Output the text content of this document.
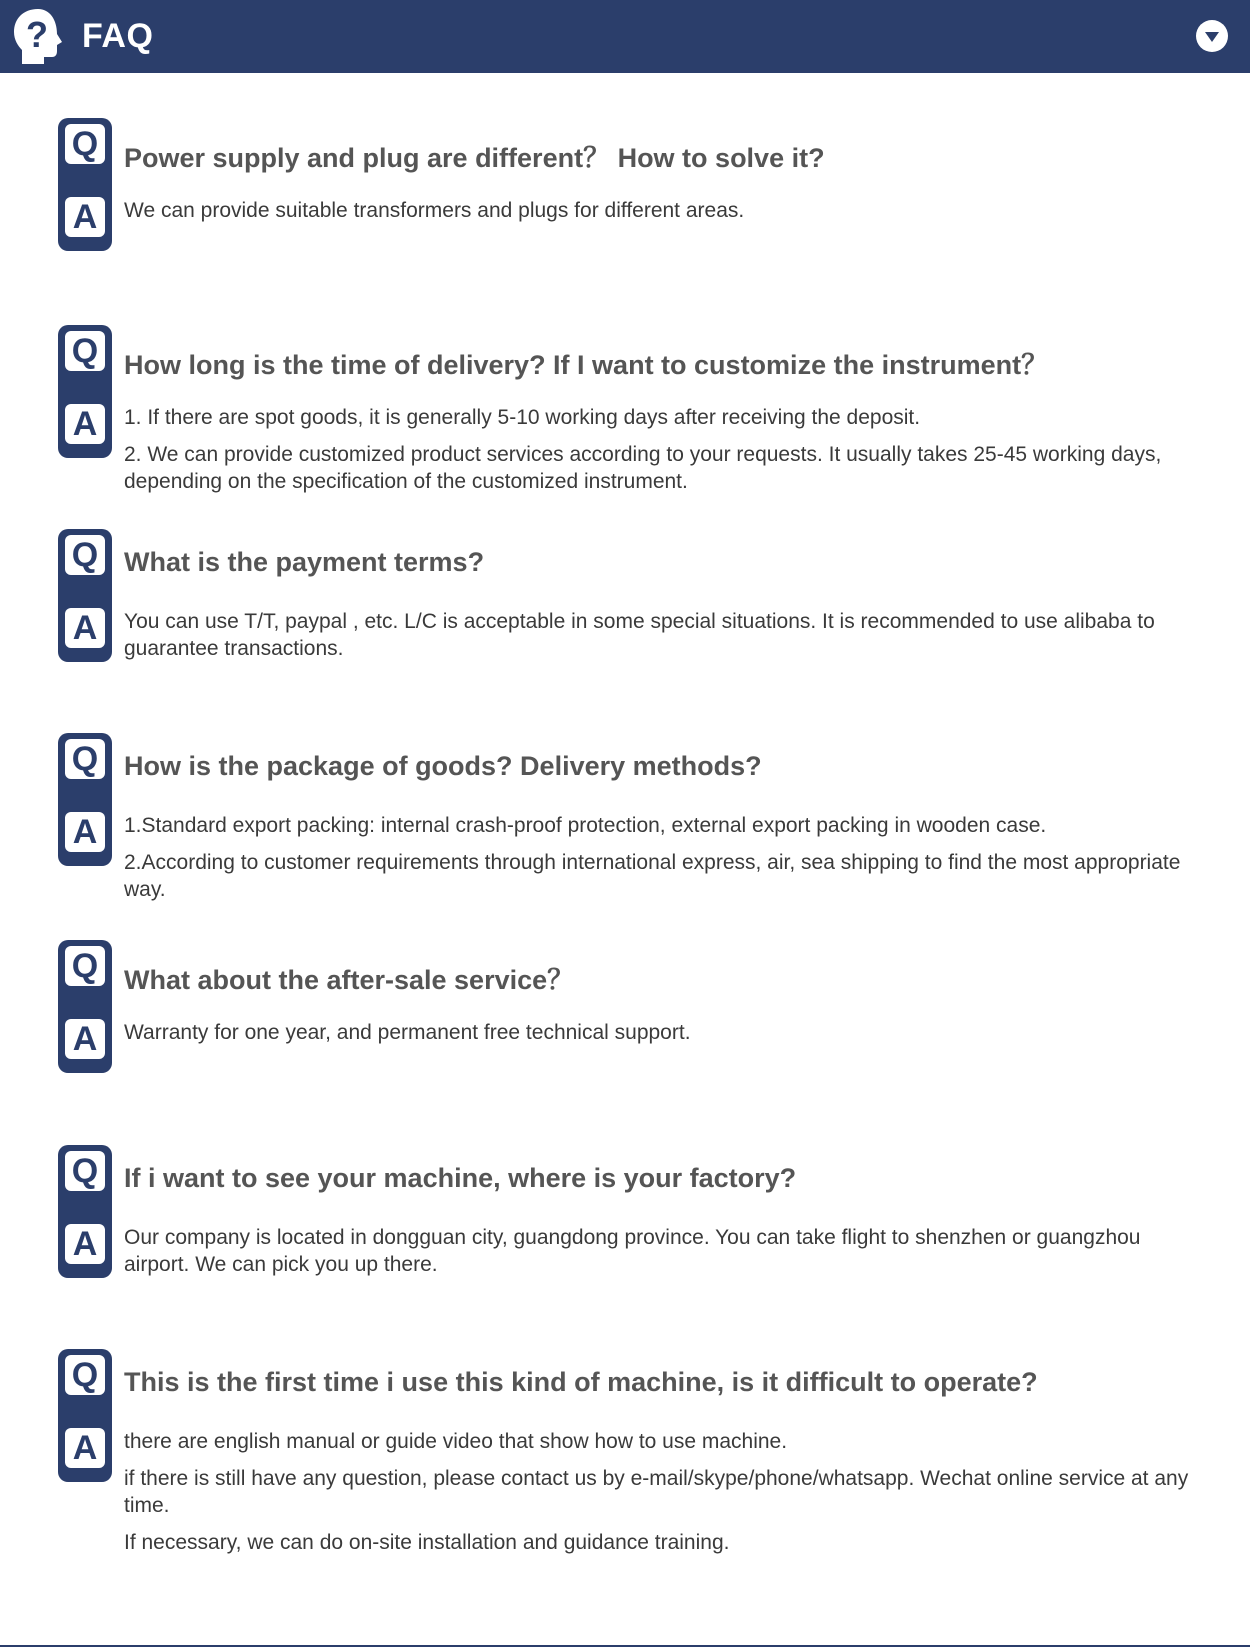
? FAQ
Q
A
Power supply and plug are different？ How to solve it?

We can provide suitable transformers and plugs for different areas.

Q
A
How long is the time of delivery? If I want to customize the instrument？

1. If there are spot goods, it is generally 5-10 working days after receiving the deposit.

2. We can provide customized product services according to your requests. It usually takes 25-45 working days, depending on the specification of the customized instrument.

Q
A
What is the payment terms?

You can use T/T, paypal , etc. L/C is acceptable in some special situations. It is recommended to use alibaba to guarantee transactions.

Q
A
How is the package of goods? Delivery methods?

1.Standard export packing: internal crash-proof protection, external export packing in wooden case.

2.According to customer requirements through international express, air, sea shipping to find the most appropriate way.

Q
A
What about the after-sale service？

Warranty for one year, and permanent free technical support.

Q
A
If i want to see your machine, where is your factory?

Our company is located in dongguan city, guangdong province. You can take flight to shenzhen or guangzhou airport. We can pick you up there.

Q
A
This is the first time i use this kind of machine, is it difficult to operate?

there are english manual or guide video that show how to use machine.

if there is still have any question, please contact us by e-mail/skype/phone/whatsapp. Wechat online service at any time.

If necessary, we can do on-site installation and guidance training.
